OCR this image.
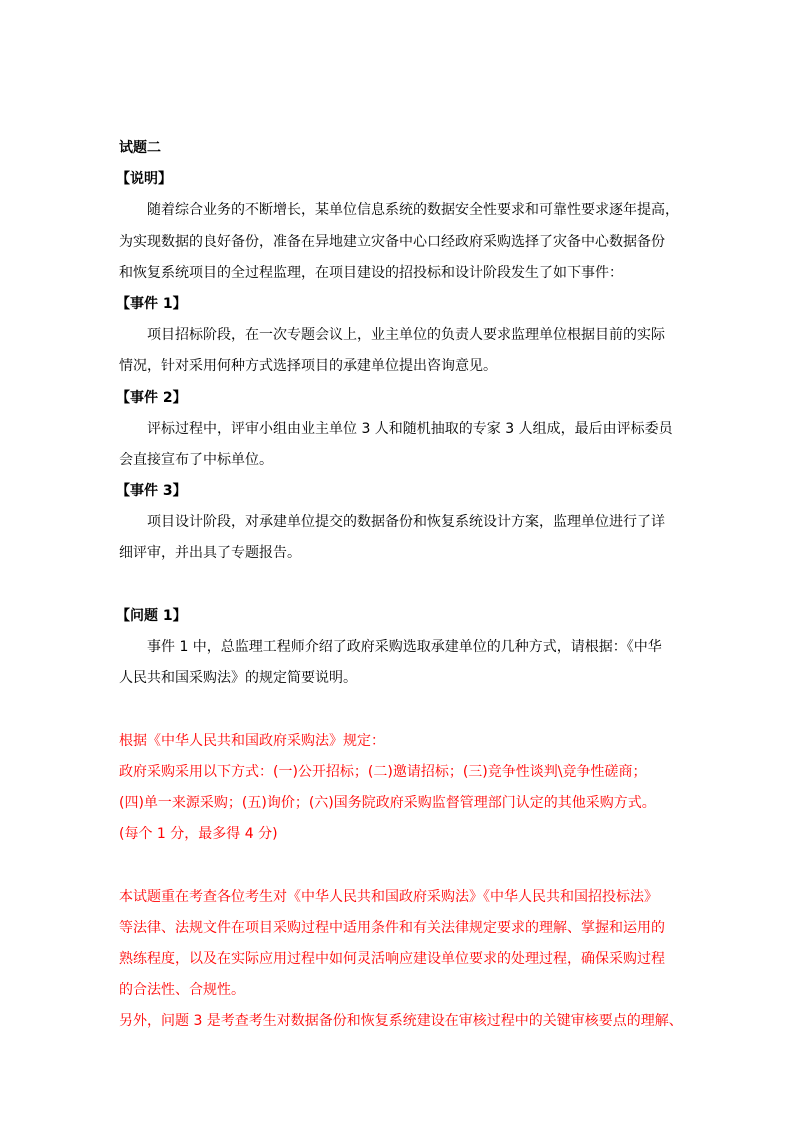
试题二
【说明】
随着综合业务的不断增长，某单位信息系统的数据安全性要求和可靠性要求逐年提高，
为实现数据的良好备份，准备在异地建立灾备中心口经政府采购选择了灾备中心数据备份
和恢复系统项目的全过程监理，在项目建设的招投标和设计阶段发生了如下事件：
【事件 1】
项目招标阶段，在一次专题会议上，业主单位的负责人要求监理单位根据目前的实际
情况，针对采用何种方式选择项目的承建单位提出咨询意见。
【事件 2】
评标过程中，评审小组由业主单位 3 人和随机抽取的专家 3 人组成，最后由评标委员
会直接宣布了中标单位。
【事件 3】
项目设计阶段，对承建单位提交的数据备份和恢复系统设计方案，监理单位进行了详
细评审，并出具了专题报告。
【问题 1】
事件 1 中，总监理工程师介绍了政府采购选取承建单位的几种方式，请根据：《中华
人民共和国采购法》的规定简要说明。
根据《中华人民共和国政府采购法》规定：
政府采购采用以下方式：(一)公开招标；(二)邀请招标；(三)竞争性谈判\竞争性磋商；
(四)单一来源采购；(五)询价；(六)国务院政府采购监督管理部门认定的其他采购方式。
(每个 1 分，最多得 4 分)
本试题重在考查各位考生对《中华人民共和国政府采购法》《中华人民共和国招投标法》
等法律、法规文件在项目采购过程中适用条件和有关法律规定要求的理解、掌握和运用的
熟练程度，以及在实际应用过程中如何灵活响应建设单位要求的处理过程，确保采购过程
的合法性、合规性。
另外，问题 3 是考查考生对数据备份和恢复系统建设在审核过程中的关键审核要点的理解、
